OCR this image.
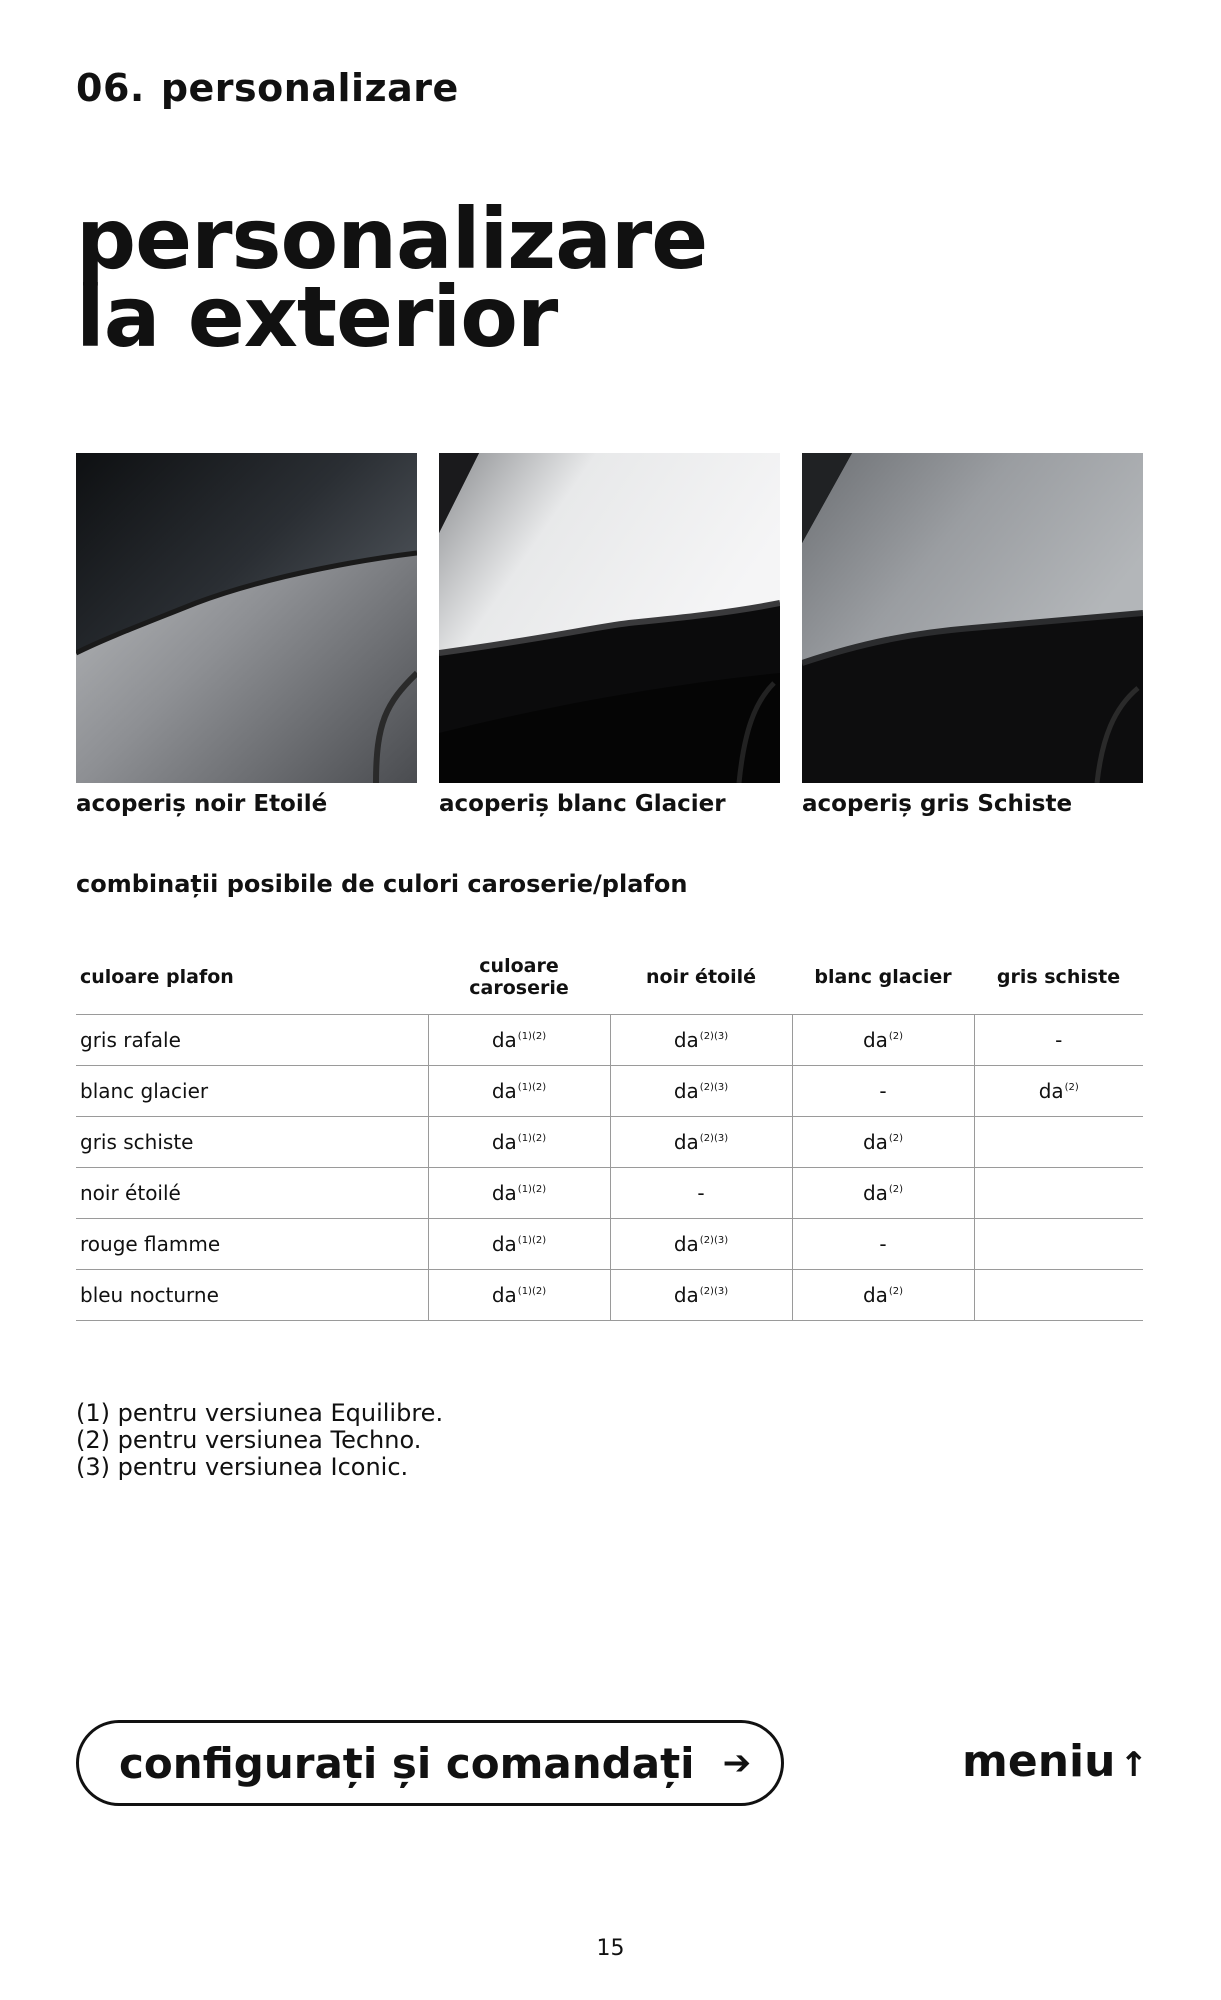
06. personalizare

personalizare
la exterior
acoperiș noir Etoilé	acoperiș blanc Glacier	acoperiș gris Schiste
combinații posibile de culori caroserie/plafon
culoare plafon	culoare caroserie	noir étoilé	blanc glacier	gris schiste
gris rafale	da$^{(1)(2)}$	da$^{(2)(3)}$	da$^{(2)}$	-
blanc glacier	da$^{(1)(2)}$	da$^{(2)(3)}$	-	da$^{(2)}$
gris schiste	da$^{(1)(2)}$	da$^{(2)(3)}$	da$^{(2)}$	
noir étoilé	da$^{(1)(2)}$	-	da$^{(2)}$	
rouge flamme	da$^{(1)(2)}$	da$^{(2)(3)}$	-	
bleu nocturne	da$^{(1)(2)}$	da$^{(2)(3)}$	da$^{(2)}$	
(1) pentru versiunea Equilibre.
(2) pentru versiunea Techno.
(3) pentru versiunea Iconic.
configurați și comandați ➔	meniu ↑

15
